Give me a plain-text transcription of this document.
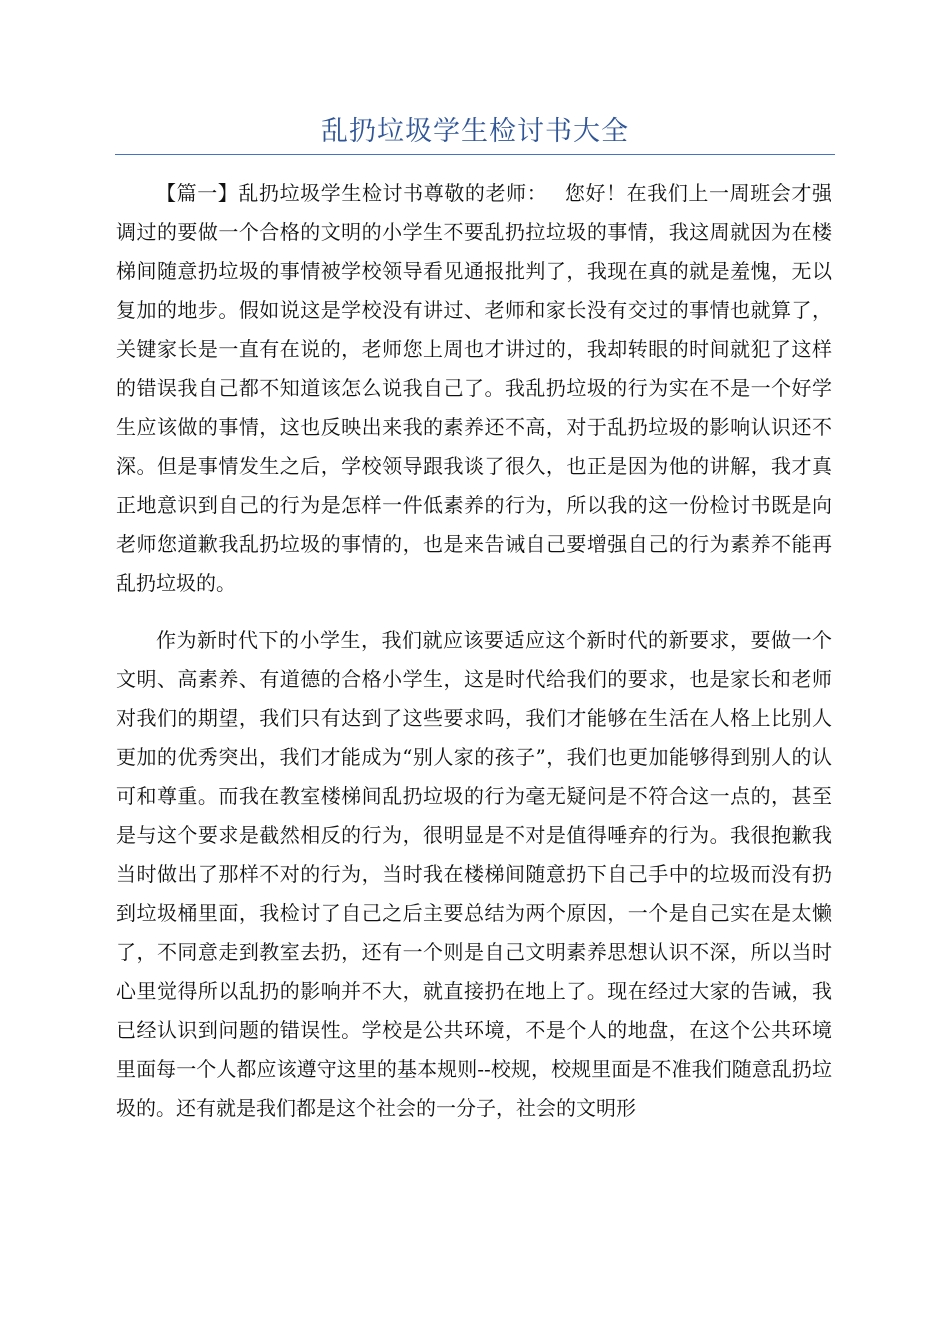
乱扔垃圾学生检讨书大全

【篇一】乱扔垃圾学生检讨书尊敬的老师：　 您好！在我们上一周班会才强调过的要做一个合格的文明的小学生不要乱扔拉垃圾的事情，我这周就因为在楼梯间随意扔垃圾的事情被学校领导看见通报批判了，我现在真的就是羞愧，无以复加的地步。假如说这是学校没有讲过、老师和家长没有交过的事情也就算了，关键家长是一直有在说的，老师您上周也才讲过的，我却转眼的时间就犯了这样的错误我自己都不知道该怎么说我自己了。我乱扔垃圾的行为实在不是一个好学生应该做的事情，这也反映出来我的素养还不高，对于乱扔垃圾的影响认识还不深。但是事情发生之后，学校领导跟我谈了很久，也正是因为他的讲解，我才真正地意识到自己的行为是怎样一件低素养的行为，所以我的这一份检讨书既是向老师您道歉我乱扔垃圾的事情的，也是来告诫自己要增强自己的行为素养不能再乱扔垃圾的。

作为新时代下的小学生，我们就应该要适应这个新时代的新要求，要做一个文明、高素养、有道德的合格小学生，这是时代给我们的要求，也是家长和老师对我们的期望，我们只有达到了这些要求吗，我们才能够在生活在人格上比别人更加的优秀突出，我们才能成为“别人家的孩子”，我们也更加能够得到别人的认可和尊重。而我在教室楼梯间乱扔垃圾的行为毫无疑问是不符合这一点的，甚至是与这个要求是截然相反的行为，很明显是不对是值得唾弃的行为。我很抱歉我当时做出了那样不对的行为，当时我在楼梯间随意扔下自己手中的垃圾而没有扔到垃圾桶里面，我检讨了自己之后主要总结为两个原因，一个是自己实在是太懒了，不同意走到教室去扔，还有一个则是自己文明素养思想认识不深，所以当时心里觉得所以乱扔的影响并不大，就直接扔在地上了。现在经过大家的告诫，我已经认识到问题的错误性。学校是公共环境，不是个人的地盘，在这个公共环境里面每一个人都应该遵守这里的基本规则--校规，校规里面是不准我们随意乱扔垃圾的。还有就是我们都是这个社会的一分子，社会的文明形
